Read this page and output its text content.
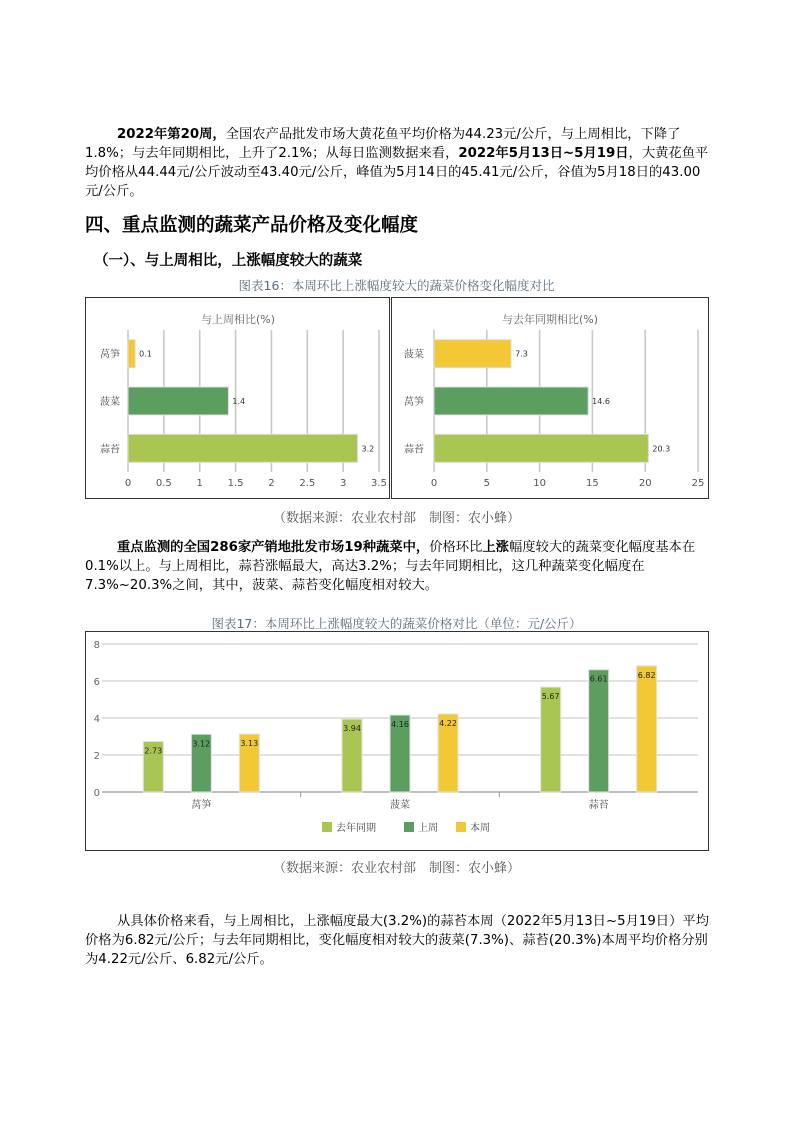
2022年第20周，全国农产品批发市场大黄花鱼平均价格为44.23元/公斤，与上周相比，下降了1.8%；与去年同期相比，上升了2.1%；从每日监测数据来看，2022年5月13日~5月19日，大黄花鱼平均价格从44.44元/公斤波动至43.40元/公斤，峰值为5月14日的45.41元/公斤，谷值为5月18日的43.00元/公斤。

四、重点监测的蔬菜产品价格及变化幅度
（一）、与上周相比，上涨幅度较大的蔬菜

图表16：本周环比上涨幅度较大的蔬菜价格变化幅度对比

与上周相比(%)
0 0.5 1 1.5 2 2.5 3 3.5
莴笋 0.1
菠菜	1.4
蒜苔	3.2
与去年同期相比(%)
0	5	10	15	20	25
菠菜	7.3
莴笋	14.6
蒜苔	20.3

（数据来源：农业农村部　制图：农小蜂）

重点监测的全国286家产销地批发市场19种蔬菜中，价格环比上涨幅度较大的蔬菜变化幅度基本在0.1%以上。与上周相比，蒜苔涨幅最大，高达3.2%；与去年同期相比，这几种蔬菜变化幅度在7.3%~20.3%之间，其中，菠菜、蒜苔变化幅度相对较大。

图表17：本周环比上涨幅度较大的蔬菜价格对比（单位：元/公斤）

0
2
4
6
8
2.73
3.12	3.13
莴笋
3.94	4.16	4.22
菠菜
5.67
6.61	6.82
蒜苔
去年同期	上周	本周

（数据来源：农业农村部　制图：农小蜂）

从具体价格来看，与上周相比，上涨幅度最大(3.2%)的蒜苔本周（2022年5月13日~5月19日）平均价格为6.82元/公斤；与去年同期相比，变化幅度相对较大的菠菜(7.3%)、蒜苔(20.3%)本周平均价格分别为4.22元/公斤、6.82元/公斤。
